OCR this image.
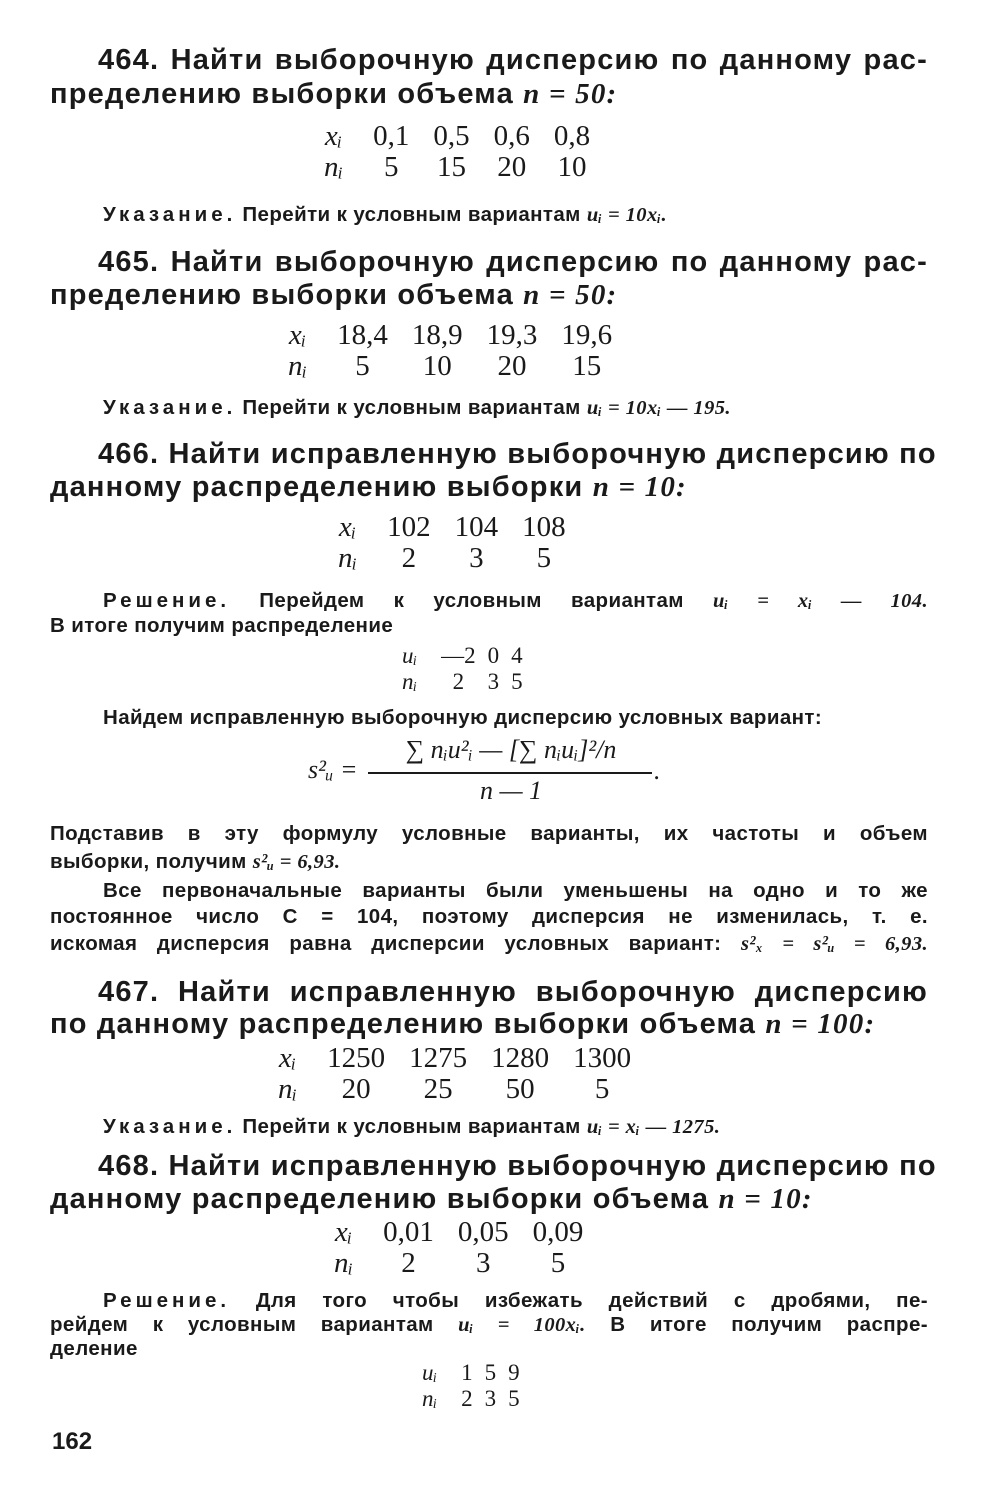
464. Найти выборочную дисперсию по данному рас-
пределению выборки объема n = 50:
xᵢ	0,1	0,5	0,6	0,8
nᵢ	5	15	20	10
Указание. Перейти к условным вариантам uᵢ = 10xᵢ.
465. Найти выборочную дисперсию по данному рас-
пределению выборки объема n = 50:
xᵢ	18,4	18,9	19,3	19,6
nᵢ	5	10	20	15
Указание. Перейти к условным вариантам uᵢ = 10xᵢ — 195.
466. Найти исправленную выборочную дисперсию по
данному распределению выборки n = 10:
xᵢ	102	104	108
nᵢ	2	3	5
Решение. Перейдем к условным вариантам uᵢ = xᵢ — 104.
В итоге получим распределение
uᵢ	—2	0	4
nᵢ	2	3	5
Найдем исправленную выборочную дисперсию условных вариант:
s²ᵤ =
∑ nᵢu²ᵢ — [∑ nᵢuᵢ]²/n
n — 1
.
Подставив в эту формулу условные варианты, их частоты и объем
выборки, получим s²ᵤ = 6,93.
Все первоначальные варианты были уменьшены на одно и то же
постоянное число C = 104, поэтому дисперсия не изменилась, т. е.
искомая дисперсия равна дисперсии условных вариант: s²ₓ = s²ᵤ = 6,93.
467. Найти исправленную выборочную дисперсию
по данному распределению выборки объема n = 100:
xᵢ	1250	1275	1280	1300
nᵢ	20	25	50	5
Указание. Перейти к условным вариантам uᵢ = xᵢ — 1275.
468. Найти исправленную выборочную дисперсию по
данному распределению выборки объема n = 10:
xᵢ	0,01	0,05	0,09
nᵢ	2	3	5
Решение. Для того чтобы избежать действий с дробями, пе-
рейдем к условным вариантам uᵢ = 100xᵢ. В итоге получим распре-
деление
uᵢ	1	5	9
nᵢ	2	3	5
162
